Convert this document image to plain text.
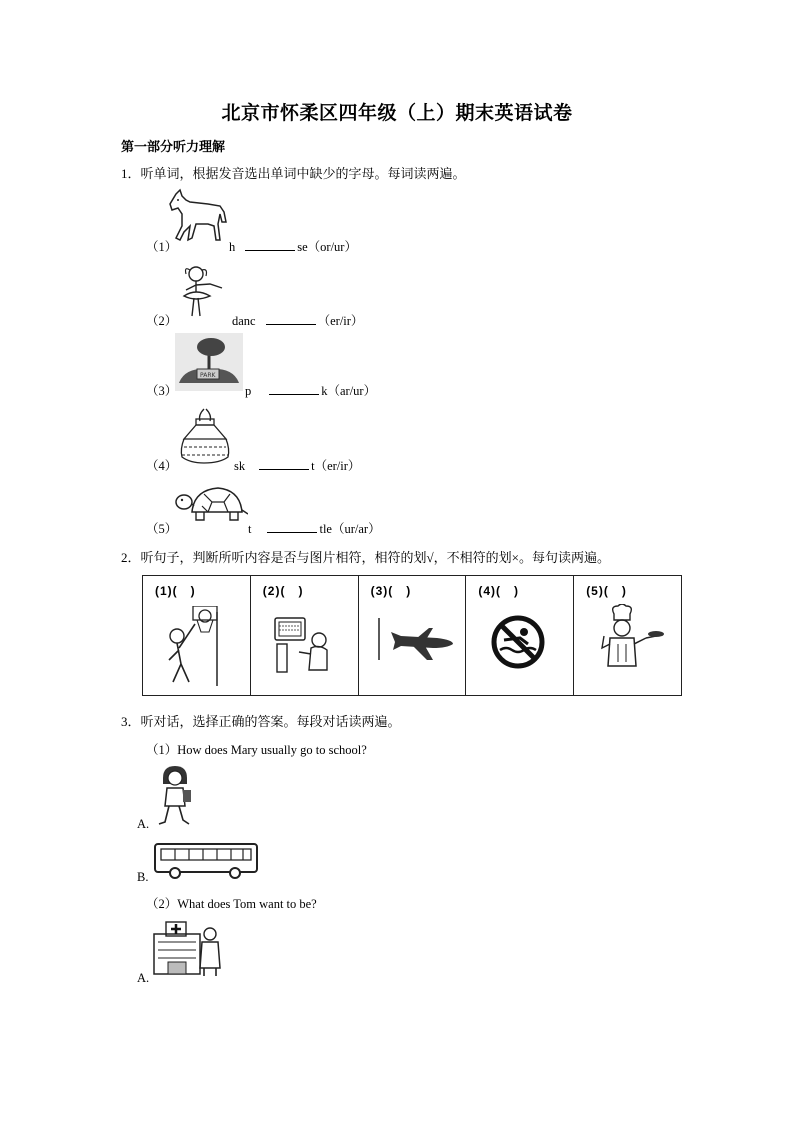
北京市怀柔区四年级（上）期末英语试卷
第一部分听力理解
1．听单词，根据发音选出单词中缺少的字母。每词读两遍。
（1）	h	se（or/ur）
（2）	danc	（er/ir）
PARK
（3）	p	k（ar/ur）
（4）	sk	t（er/ir）
（5）	t	tle（ur/ar）
2．听句子，判断所听内容是否与图片相符，相符的划√，不相符的划×。每句读两遍。
(1)(　)	(2)(　)	(3)(　)	(4)(　)	(5)(　)
3．听对话，选择正确的答案。每段对话读两遍。
（1）How does Mary usually go to school?
A.
B.
（2）What does Tom want to be?
A.
